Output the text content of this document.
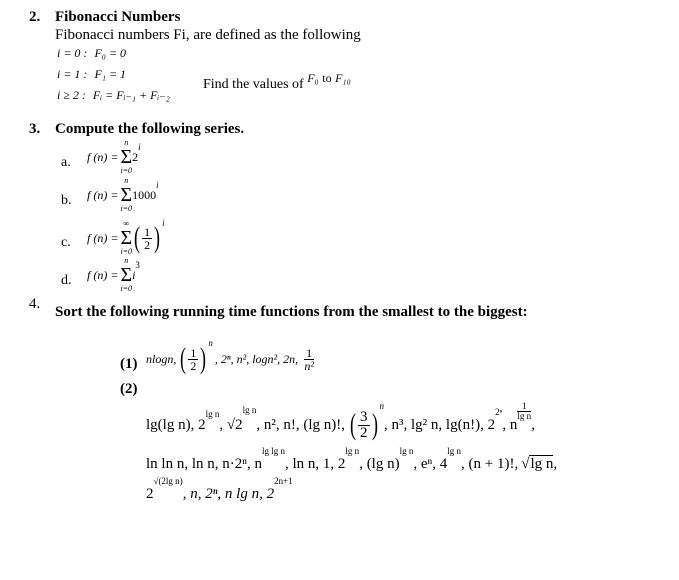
2. Fibonacci Numbers
Fibonacci numbers Fi, are defined as the following
i = 0 : F₀ = 0
i = 1 : F₁ = 1
i ≥ 2 : Fᵢ = Fᵢ₋₁ + Fᵢ₋₂
Find the values of F₀ to F₁₀
3. Compute the following series.
a. f (n) =
n
Σ
i=0
2
i
b. f (n) =
n
Σ
i=0
1000
i
c. f (n) =
∞
Σ
i=0 ( $\frac{1}{2}$ ) i
d. f (n) =
n
Σ
i=0
i
3
4. Sort the following running time functions from the smallest to the biggest:
(1) nlogn, ( $\frac{1}{2}$ ) n
, 2ⁿ, n², logn², 2n, $\frac{1}{\text{n²}}$
(2)
lg(lg n), 2
lg n
, √2
lg n
, n², n!, (lg n)!, ( $\frac{3}{2}$ )
n
, n³, lg² n, lg(n!), 2
2ⁿ
, n
$\frac{1}{\text{lg n}}$
,
ln ln n, ln n, n·2ⁿ, n
lg lg n
, ln n, 1, 2
lg n
, (lg n)
lg n
, eⁿ, 4
lg n
, (n + 1)!, √ lg n ,
2
√(2lg n)
, n, 2ⁿ, n lg n, 2
2n+1
